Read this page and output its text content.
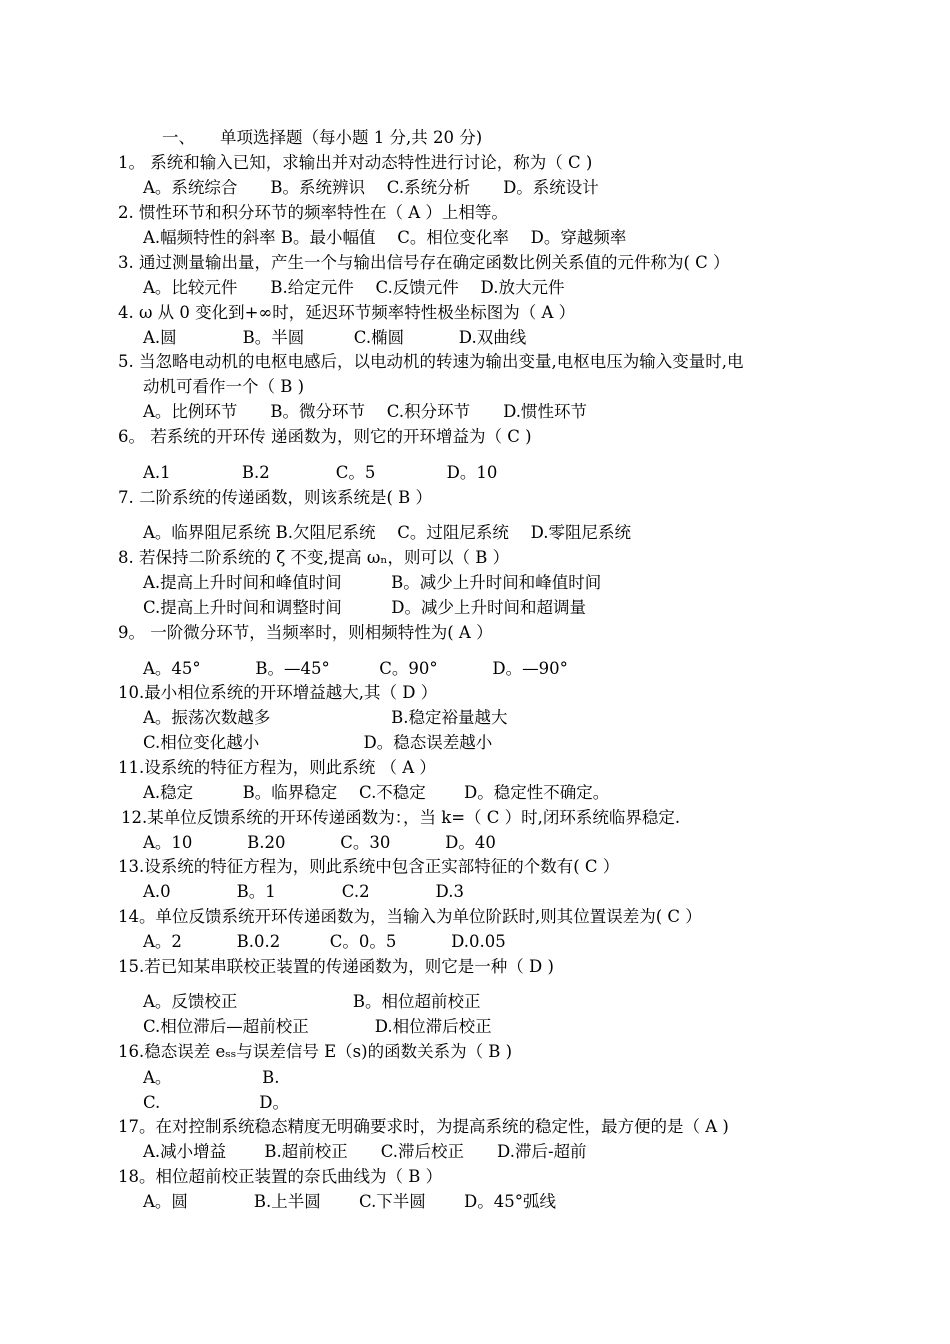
一、 单项选择题（每小题 1 分,共 20 分)
1。 系统和输入已知，求输出并对动态特性进行讨论，称为（ C )
A。系统综合　　B。系统辨识　 C.系统分析　　D。系统设计
2. 惯性环节和积分环节的频率特性在（ A ）上相等。
A.幅频特性的斜率 B。最小幅值　 C。相位变化率　 D。穿越频率
3. 通过测量输出量，产生一个与输出信号存在确定函数比例关系值的元件称为( C ）
A。比较元件　　B.给定元件　 C.反馈元件　 D.放大元件
4. ω 从 0 变化到+∞时，延迟环节频率特性极坐标图为（ A ）
A.圆　　　　B。半圆　　　C.椭圆　　　 D.双曲线
5. 当忽略电动机的电枢电感后，以电动机的转速为输出变量,电枢电压为输入变量时,电
动机可看作一个（ B )
A。比例环节　　B。微分环节　 C.积分环节　　D.惯性环节
6。 若系统的开环传 递函数为，则它的开环增益为（ C )
A.1　　　　 B.2　　　　C。5　　　　 D。10
7. 二阶系统的传递函数，则该系统是( B ）
A。临界阻尼系统 B.欠阻尼系统　 C。过阻尼系统　 D.零阻尼系统
8. 若保持二阶系统的 ζ 不变,提高 ωₙ，则可以（ B ）
A.提高上升时间和峰值时间　　　B。减少上升时间和峰值时间
C.提高上升时间和调整时间　　　D。减少上升时间和超调量
9。 一阶微分环节，当频率时，则相频特性为( A ）
A。45°　　　 B。—45°　　　C。90°　　　 D。—90°
10.最小相位系统的开环增益越大,其（ D ）
A。振荡次数越多　　　　　　　 B.稳定裕量越大
C.相位变化越小　　　　　　 D。稳态误差越小
11.设系统的特征方程为，则此系统 （ A ）
A.稳定　　　B。临界稳定　 C.不稳定　　 D。稳定性不确定。
12.某单位反馈系统的开环传递函数为：，当 k=（ C ）时,闭环系统临界稳定.
A。10　　　 B.20　　　 C。30　　　 D。40
13.设系统的特征方程为，则此系统中包含正实部特征的个数有( C ）
A.0　　　　B。1　　　　C.2　　　　D.3
14。单位反馈系统开环传递函数为，当输入为单位阶跃时,则其位置误差为( C ）
A。2　　　 B.0.2　　　C。0。5　　　 D.0.05
15.若已知某串联校正装置的传递函数为，则它是一种（ D )
A。反馈校正　　　　　　　B。相位超前校正
C.相位滞后—超前校正　　　　D.相位滞后校正
16.稳态误差 eₛₛ与误差信号 E（s)的函数关系为（ B )
A。　　　　　　B.
C.　　　　　　D。
17。在对控制系统稳态精度无明确要求时，为提高系统的稳定性，最方便的是（ A )
A.减小增益　　 B.超前校正　　C.滞后校正　　D.滞后-超前
18。相位超前校正装置的奈氏曲线为（ B ）
A。圆　　　　B.上半圆　　 C.下半圆　　 D。45°弧线
